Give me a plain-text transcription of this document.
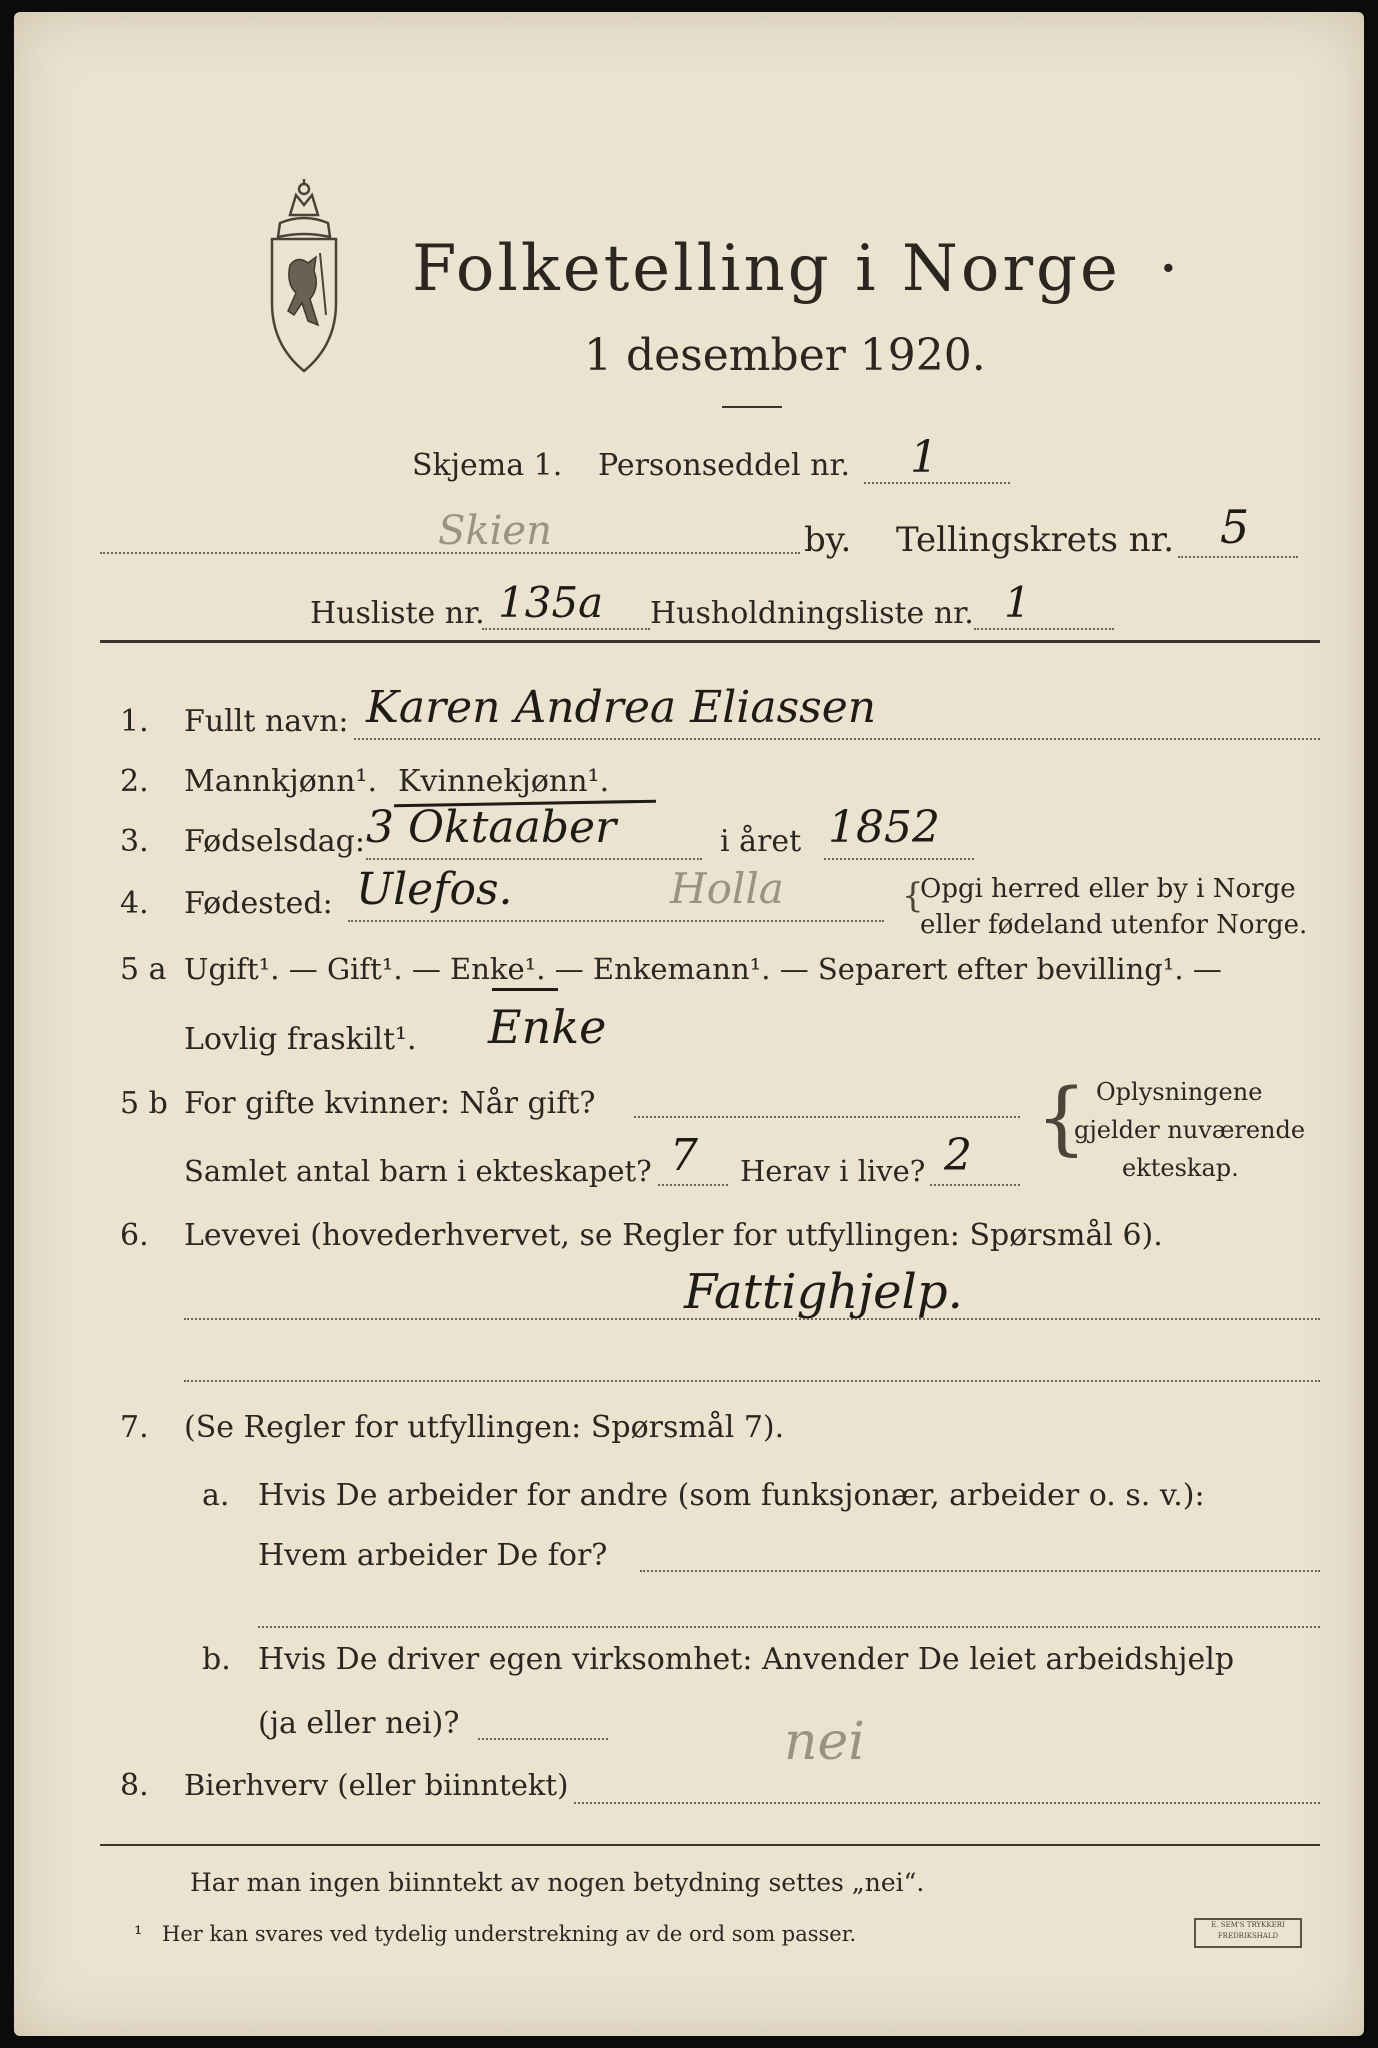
Folketelling i Norge ·
1 desember 1920.
Skjema 1. Personseddel nr. 1
Skien	by. Tellingskrets nr. 5
Husliste nr. 135a Husholdningsliste nr. 1
1. Fullt navn: Karen Andrea Eliassen
2. Mannkjønn¹. Kvinnekjønn¹.
3. Fødselsdag: 3 Oktaaber	i året 1852
4. Fødested: Ulefos.	Holla	{
Opgi herred eller by i Norge
eller fødeland utenfor Norge.
5 a Ugift¹. — Gift¹. — Enke¹. — Enkemann¹. — Separert efter bevilling¹. —
Lovlig fraskilt¹. Enke
5 b For gifte kvinner: Når gift?
Samlet antal barn i ekteskapet? 7 Herav i live? 2 { Oplysningene
gjelder nuværende
ekteskap.
6. Levevei (hovederhvervet, se Regler for utfyllingen: Spørsmål 6).
Fattighjelp.
7. (Se Regler for utfyllingen: Spørsmål 7).
a. Hvis De arbeider for andre (som funksjonær, arbeider o. s. v.):
Hvem arbeider De for?
b. Hvis De driver egen virksomhet: Anvender De leiet arbeidshjelp
(ja eller nei)?
8. Bierhverv (eller biinntekt)
nei
Har man ingen biinntekt av nogen betydning settes „nei“.
¹ Her kan svares ved tydelig understrekning av de ord som passer.	E. SEM'S TRYKKERI FREDRIKSHALD
